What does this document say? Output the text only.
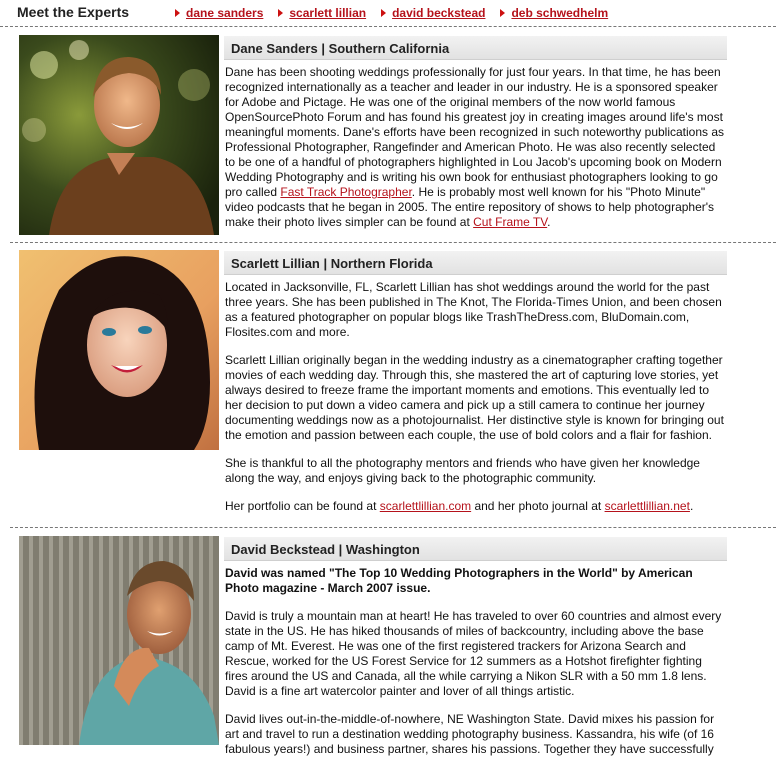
Meet the Experts	dane sanders scarlett lillian david beckstead deb schwedhelm
Dane Sanders | Southern California

Dane has been shooting weddings professionally for just four years. In that time, he has been recognized internationally as a teacher and leader in our industry. He is a sponsored speaker for Adobe and Pictage. He was one of the original members of the now world famous OpenSourcePhoto Forum and has found his greatest joy in creating images around life's most meaningful moments. Dane's efforts have been recognized in such noteworthy publications as Professional Photographer, Rangefinder and American Photo. He was also recently selected to be one of a handful of photographers highlighted in Lou Jacob's upcoming book on Modern Wedding Photography and is writing his own book for enthusiast photographers looking to go pro called Fast Track Photographer. He is probably most well known for his "Photo Minute" video podcasts that he began in 2005. The entire repository of shows to help photographer's make their photo lives simpler can be found at Cut Frame TV.

Scarlett Lillian | Northern Florida

Located in Jacksonville, FL, Scarlett Lillian has shot weddings around the world for the past three years. She has been published in The Knot, The Florida-Times Union, and been chosen as a featured photographer on popular blogs like TrashTheDress.com, BluDomain.com, Flosites.com and more.

Scarlett Lillian originally began in the wedding industry as a cinematographer crafting together movies of each wedding day. Through this, she mastered the art of capturing love stories, yet always desired to freeze frame the important moments and emotions. This eventually led to her decision to put down a video camera and pick up a still camera to continue her journey documenting weddings now as a photojournalist. Her distinctive style is known for bringing out the emotion and passion between each couple, the use of bold colors and a flair for fashion.

She is thankful to all the photography mentors and friends who have given her knowledge along the way, and enjoys giving back to the photographic community.

Her portfolio can be found at scarlettlillian.com and her photo journal at scarlettlillian.net.

David Beckstead | Washington

David was named "The Top 10 Wedding Photographers in the World" by American Photo magazine - March 2007 issue.

David is truly a mountain man at heart! He has traveled to over 60 countries and almost every state in the US. He has hiked thousands of miles of backcountry, including above the base camp of Mt. Everest. He was one of the first registered trackers for Arizona Search and Rescue, worked for the US Forest Service for 12 summers as a Hotshot firefighter fighting fires around the US and Canada, all the while carrying a Nikon SLR with a 50 mm 1.8 lens. David is a fine art watercolor painter and lover of all things artistic.

David lives out-in-the-middle-of-nowhere, NE Washington State. David mixes his passion for art and travel to run a destination wedding photography business. Kassandra, his wife (of 16 fabulous years!) and business partner, shares his passions. Together they have successfully
